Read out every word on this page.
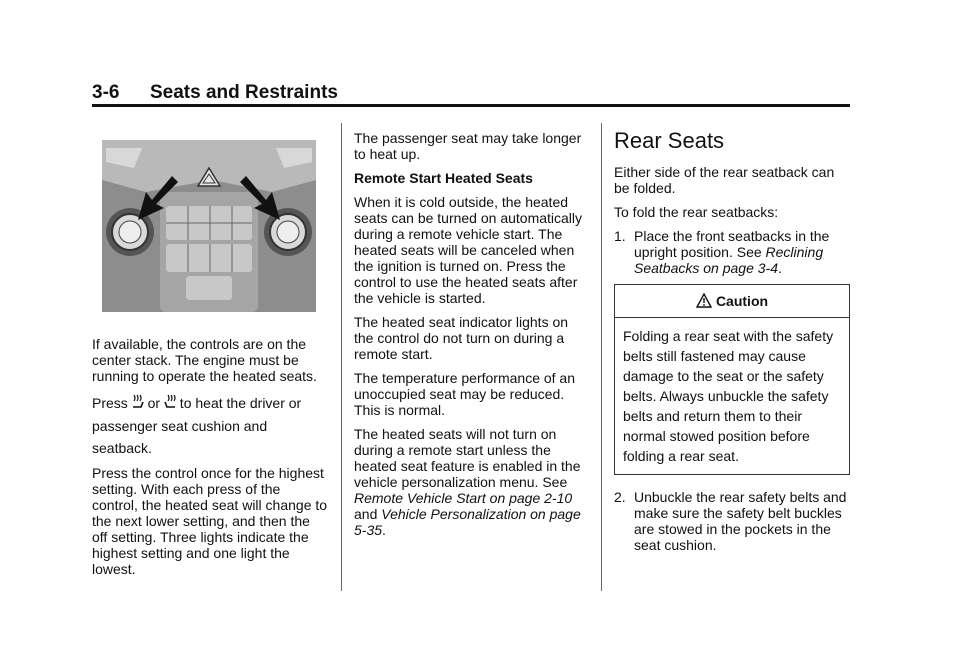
3-6 Seats and Restraints

If available, the controls are on the center stack. The engine must be running to operate the heated seats.

Press  or  to heat the driver or passenger seat cushion and seatback.

Press the control once for the highest setting. With each press of the control, the heated seat will change to the next lower setting, and then the off setting. Three lights indicate the highest setting and one light the lowest.

The passenger seat may take longer to heat up.

Remote Start Heated Seats

When it is cold outside, the heated seats can be turned on automatically during a remote vehicle start. The heated seats will be canceled when the ignition is turned on. Press the control to use the heated seats after the vehicle is started.

The heated seat indicator lights on the control do not turn on during a remote start.

The temperature performance of an unoccupied seat may be reduced. This is normal.

The heated seats will not turn on during a remote start unless the heated seat feature is enabled in the vehicle personalization menu. See Remote Vehicle Start on page 2-10 and Vehicle Personalization on page 5-35.

Rear Seats

Either side of the rear seatback can be folded.

To fold the rear seatbacks:

1. Place the front seatbacks in the upright position. See Reclining Seatbacks on page 3-4.
Caution
Folding a rear seat with the safety belts still fastened may cause damage to the seat or the safety belts. Always unbuckle the safety belts and return them to their normal stowed position before folding a rear seat.
2. Unbuckle the rear safety belts and make sure the safety belt buckles are stowed in the pockets in the seat cushion.
